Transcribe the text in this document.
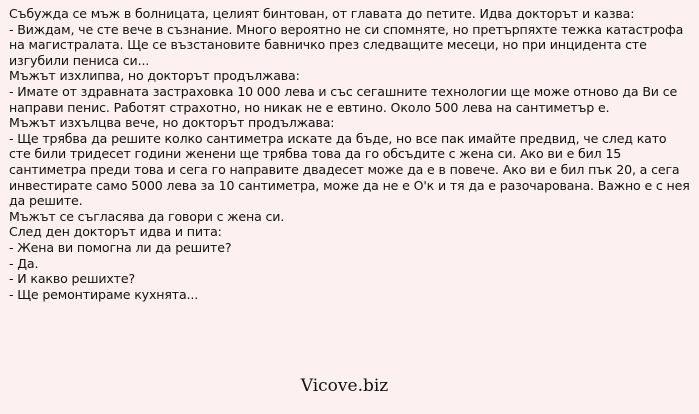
Събужда се мъж в болницата, целият бинтован, от главата до петите. Идва докторът и казва:

- Виждам, че сте вече в съзнание. Много вероятно не си спомняте, но претърпяхте тежка катастрофа на магистралата. Ще се възстановите бавничко през следващите месеци, но при инцидента сте изгубили пениса си...

Мъжът изхлипва, но докторът продължава:

- Имате от здравната застраховка 10 000 лева и със сегашните технологии ще може отново да Ви се направи пенис. Работят страхотно, но никак не е евтино. Около 500 лева на сантиметър е.

Мъжът изхълцва вече, но докторът продължава:

- Ще трябва да решите колко сантиметра искате да бъде, но все пак имайте предвид, че след като сте били тридесет години женени ще трябва това да го обсъдите с жена си. Ако ви е бил 15 сантиметра преди това и сега го направите двадесет може да е в повече. Ако ви е бил пък 20, а сега инвестирате само 5000 лева за 10 сантиметра, може да не е О'к и тя да е разочарована. Важно е с нея да решите.

Мъжът се съгласява да говори с жена си.

След ден докторът идва и пита:

- Жена ви помогна ли да решите?

- Да.

- И какво решихте?

- Ще ремонтираме кухнята...

Vicove.biz
